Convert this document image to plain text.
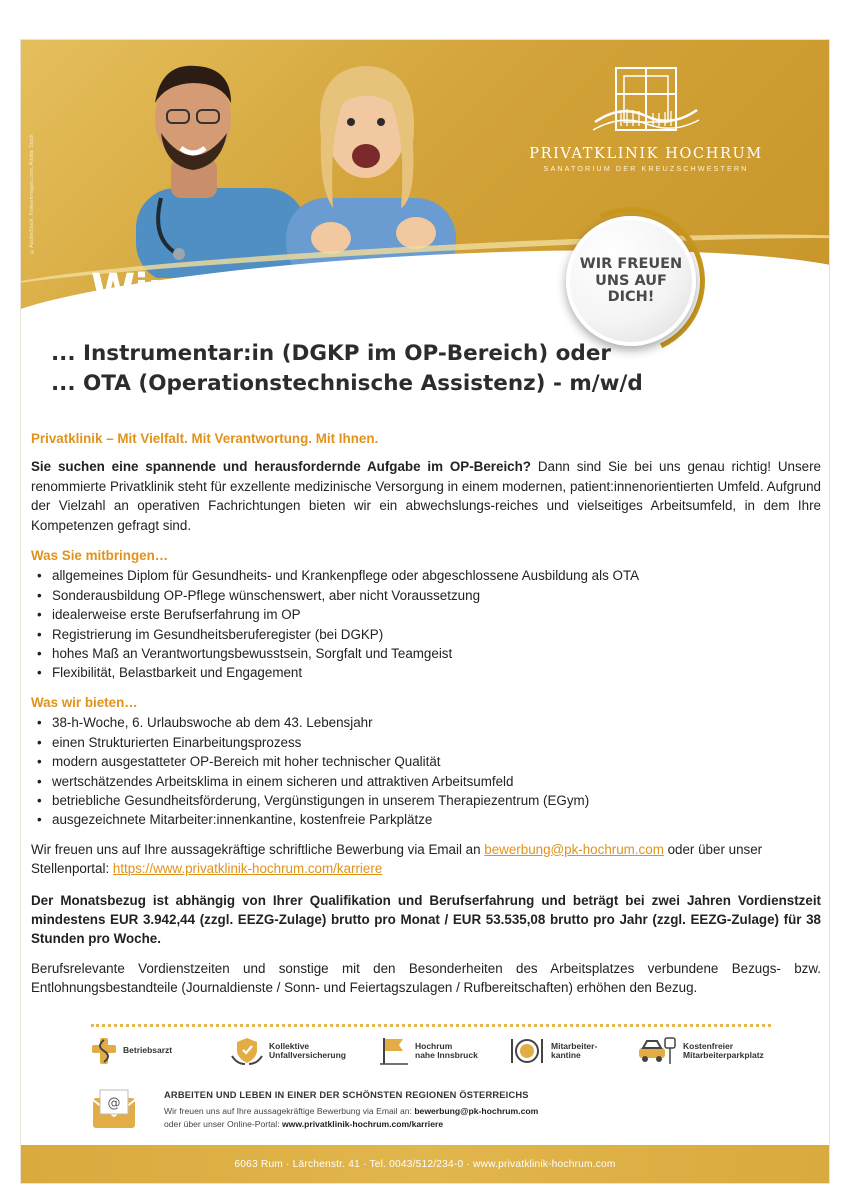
©AdobeStock, Krakenimages.com, Adobe Stock	PRIVATKLINIK HOCHRUM
SANATORIUM DER KREUZSCHWESTERN
Wir suchen ...
WIR FREUEN UNS AUF DICH!
... Instrumentar:in (DGKP im OP-Bereich) oder
... OTA (Operationstechnische Assistenz) - m/w/d

Privatklinik – Mit Vielfalt. Mit Verantwortung. Mit Ihnen.

Sie suchen eine spannende und herausfordernde Aufgabe im OP-Bereich? Dann sind Sie bei uns genau richtig! Unsere renommierte Privatklinik steht für exzellente medizinische Versorgung in einem modernen, patient:innenorientierten Umfeld. Aufgrund der Vielzahl an operativen Fachrichtungen bieten wir ein abwechslungs-reiches und vielseitiges Arbeitsumfeld, in dem Ihre Kompetenzen gefragt sind.

Was Sie mitbringen…

• allgemeines Diplom für Gesundheits- und Krankenpflege oder abgeschlossene Ausbildung als OTA
• Sonderausbildung OP-Pflege wünschenswert, aber nicht Voraussetzung
• idealerweise erste Berufserfahrung im OP
• Registrierung im Gesundheitsberuferegister (bei DGKP)
• hohes Maß an Verantwortungsbewusstsein, Sorgfalt und Teamgeist
• Flexibilität, Belastbarkeit und Engagement

Was wir bieten…

• 38-h-Woche, 6. Urlaubswoche ab dem 43. Lebensjahr
• einen Strukturierten Einarbeitungsprozess
• modern ausgestatteter OP-Bereich mit hoher technischer Qualität
• wertschätzendes Arbeitsklima in einem sicheren und attraktiven Arbeitsumfeld
• betriebliche Gesundheitsförderung, Vergünstigungen in unserem Therapiezentrum (EGym)
• ausgezeichnete Mitarbeiter:innenkantine, kostenfreie Parkplätze

Wir freuen uns auf Ihre aussagekräftige schriftliche Bewerbung via Email an bewerbung@pk-hochrum.com oder über unser Stellenportal: https://www.privatklinik-hochrum.com/karriere

Der Monatsbezug ist abhängig von Ihrer Qualifikation und Berufserfahrung und beträgt bei zwei Jahren Vordienstzeit mindestens EUR 3.942,44 (zzgl. EEZG-Zulage) brutto pro Monat / EUR 53.535,08 brutto pro Jahr (zzgl. EEZG-Zulage) für 38 Stunden pro Woche.

Berufsrelevante Vordienstzeiten und sonstige mit den Besonderheiten des Arbeitsplatzes verbundene Bezugs- bzw. Entlohnungsbestandteile (Journaldienste / Sonn- und Feiertagszulagen / Rufbereitschaften) erhöhen den Bezug.

Betriebsarzt	Kollektive
Unfallversicherung
Hochrum
nahe Innsbruck
Mitarbeiter-
kantine
Kostenfreier
Mitarbeiterparkplatz
@
ARBEITEN UND LEBEN IN EINER DER SCHÖNSTEN REGIONEN ÖSTERREICHS
Wir freuen uns auf Ihre aussagekräftige Bewerbung via Email an: bewerbung@pk-hochrum.com
oder über unser Online-Portal: www.privatklinik-hochrum.com/karriere
6063 Rum · Lärchenstr. 41 · Tel. 0043/512/234-0 · www.privatklinik-hochrum.com
